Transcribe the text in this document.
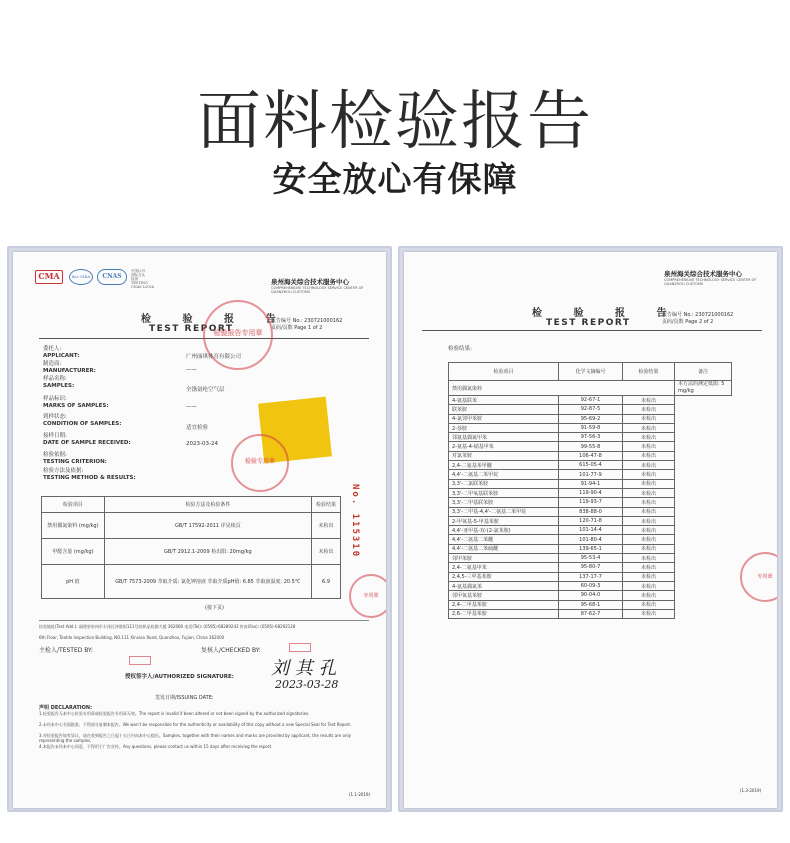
面料检验报告
安全放心有保障
CMA	ilac-MRA	CNAS
中国认可
国际互认
检测
TESTING
CNAS L0026
泉州海关综合技术服务中心
COMPREHENSIVE TECHNOLOGY SERVICE CENTER OF QUANZHOU CUSTOMS
检 验 报 告
TEST REPORT
报告编号 No.: 230721000162
页码/页数 Page 1 of 2
检验报告专用章
委托人:
APPLICANT:	广州丽琪体育有限公司
制造商:
MANUFACTURER:	——
样品名称:
SAMPLES:
全涤氨纶空气层
样品标识:
MARKS OF SAMPLES:	——
到样状态:
CONDITION OF SAMPLES:
适宜检验
接样日期:
DATE OF SAMPLE RECEIVED:	2023-03-24
检验依据:
TESTING CRITERION:
检验方法及依据:
TESTING METHOD & RESULTS:
检验专用章
检验项目	检验方法及检验条件	检验结果
禁用偶氮染料 (mg/kg)	GB/T 17592-2011 详见续页	未检出
甲醛含量 (mg/kg)	GB/T 2912.1-2009 检出限: 20mg/kg	未检出
pH 值	GB/T 7573-2009 萃取介质: 氯化钾溶液 萃取介质pH值: 6.85 萃取液温度: 20.5℃	6.9
(接下页)
No. 115310
专用章
检验地址(Test Add.): 福建省泉州市丰泽区津淮街111号纺织品检测大楼 362000 电话(Tel): (0595)-68289243 传真(Fax): (0595)-68292128
6th Floor, Textile Inspection Building, NO.111 Xinxian Road, Quanzhou, Fujian, China 362000
主检人/TESTED BY:	复核人/CHECKED BY:
授权签字人/AUTHORIZED SIGNATURE:
签发日期/ISSUING DATE:
刘 其 孔
2023-03-28
声明 DECLARATION:
1.检验报告无本中心检验专用章或检验报告专用章无效。The report is invalid if been altered or not been signed by the authorized signatories.
2.未经本中心书面批准，不得部分复制本报告。We won't be responsible for the authenticity or availability of this copy without a new Special Seal for Test Report.
3.对检验报告如有异议，请在收到报告之日起十五日内向本中心提出。Samples, together with their names and marks are provided by applicant, the results are only representing the samples.
4.本报告未经本中心同意，不得用于广告宣传。Any questions, please contact us within 15 days after receiving the report.
(1.1-2019)
泉州海关综合技术服务中心
COMPREHENSIVE TECHNOLOGY SERVICE CENTER OF QUANZHOU CUSTOMS
检 验 报 告
TEST REPORT
报告编号 No.: 230721000162
页码/页数 Page 2 of 2
检验结果:
检验项目	化学文摘编号	检验结果	备注
禁用偶氮染料			本方法的测定低限: 5 mg/kg
4-氨基联苯	92-67-1	未检出	
联苯胺	92-87-5	未检出	
4-氯邻甲苯胺	95-69-2	未检出	
2-萘胺	91-59-8	未检出	
邻氨基偶氮甲苯	97-56-3	未检出	
2-氨基-4-硝基甲苯	99-55-8	未检出	
对氯苯胺	106-47-8	未检出	
2,4-二氨基苯甲醚	615-05-4	未检出	
4,4'-二氨基二苯甲烷	101-77-9	未检出	
3,3'-二氯联苯胺	91-94-1	未检出	
3,3'-二甲氧基联苯胺	119-90-4	未检出	
3,3'-二甲基联苯胺	119-93-7	未检出	
3,3'-二甲基-4,4'-二氨基二苯甲烷	838-88-0	未检出	
2-甲氧基-5-甲基苯胺	120-71-8	未检出	
4,4'-亚甲基-双-(2-氯苯胺)	101-14-4	未检出	
4,4'-二氨基二苯醚	101-80-4	未检出	
4,4'-二氨基二苯硫醚	139-65-1	未检出	
邻甲苯胺	95-53-4	未检出	
2,4-二氨基甲苯	95-80-7	未检出	
2,4,5-三甲基苯胺	137-17-7	未检出	
4-氨基偶氮苯	60-09-3	未检出	
邻甲氧基苯胺	90-04-0	未检出	
2,4-二甲基苯胺	95-68-1	未检出	
2,6-二甲基苯胺	87-62-7	未检出	
专用章
(1.3-2019)
